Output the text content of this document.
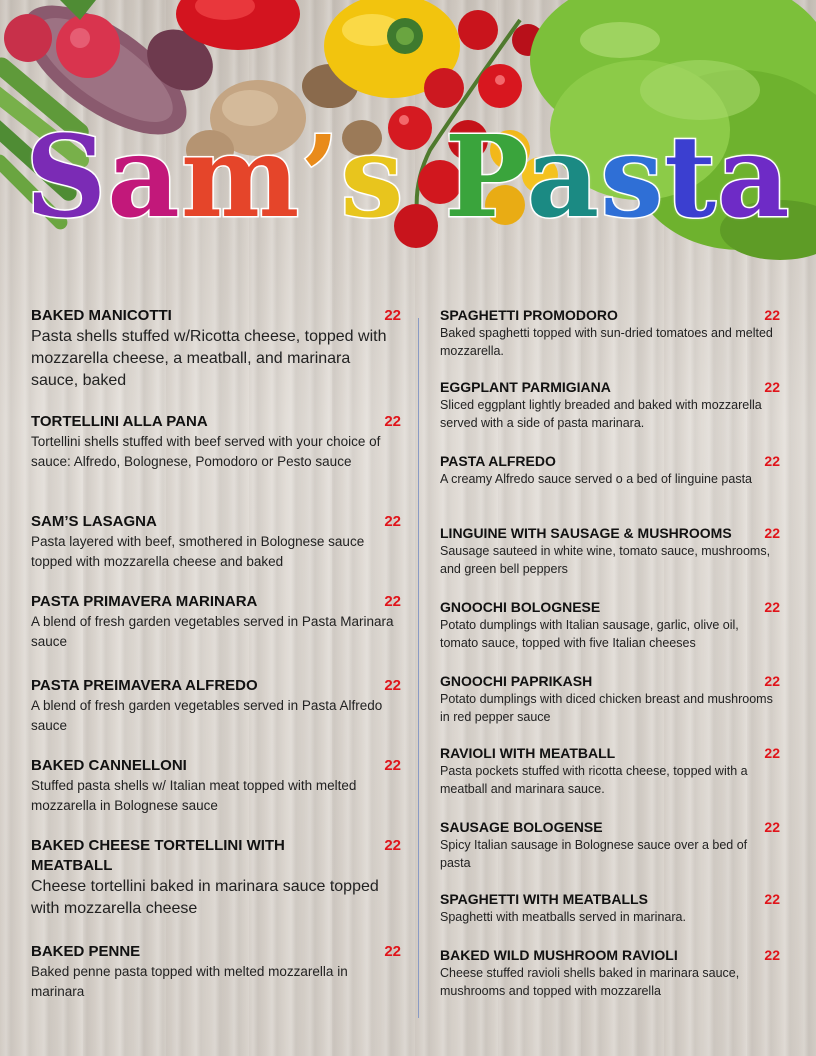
Sam’s Pasta
BAKED MANICOTTI	22
Pasta shells stuffed w/Ricotta cheese, topped with mozzarella cheese, a meatball, and marinara sauce, baked
TORTELLINI ALLA PANA	22
Tortellini shells stuffed with beef served with your choice of sauce: Alfredo, Bolognese, Pomodoro or Pesto sauce
SAM’S LASAGNA	22
Pasta layered with beef, smothered in Bolognese sauce topped with mozzarella cheese and baked
PASTA PRIMAVERA MARINARA	22
A blend of fresh garden vegetables served in Pasta Marinara sauce
PASTA PREIMAVERA ALFREDO	22
A blend of fresh garden vegetables served in Pasta Alfredo sauce
BAKED CANNELLONI	22
Stuffed pasta shells w/ Italian meat topped with melted mozzarella in Bolognese sauce
BAKED CHEESE TORTELLINI WITH MEATBALL
22
Cheese tortellini baked in marinara sauce topped with mozzarella cheese
BAKED PENNE	22
Baked penne pasta topped with melted mozzarella in marinara
SPAGHETTI PROMODORO	22
Baked spaghetti topped with sun-dried tomatoes and melted mozzarella.
EGGPLANT PARMIGIANA	22
Sliced eggplant lightly breaded and baked with mozzarella served with a side of pasta marinara.
PASTA ALFREDO	22
A creamy Alfredo sauce served o a bed of linguine pasta
LINGUINE WITH SAUSAGE & MUSHROOMS	22
Sausage sauteed in white wine, tomato sauce, mushrooms, and green bell peppers
GNOOCHI BOLOGNESE	22
Potato dumplings with Italian sausage, garlic, olive oil, tomato sauce, topped with five Italian cheeses
GNOOCHI PAPRIKASH	22
Potato dumplings with diced chicken breast and mushrooms in red pepper sauce
RAVIOLI WITH MEATBALL	22
Pasta pockets stuffed with ricotta cheese, topped with a meatball and marinara sauce.
SAUSAGE BOLOGENSE	22
Spicy Italian sausage in Bolognese sauce over a bed of pasta
SPAGHETTI WITH MEATBALLS	22
Spaghetti with meatballs served in marinara.
BAKED WILD MUSHROOM RAVIOLI	22
Cheese stuffed ravioli shells baked in marinara sauce, mushrooms and topped with mozzarella
